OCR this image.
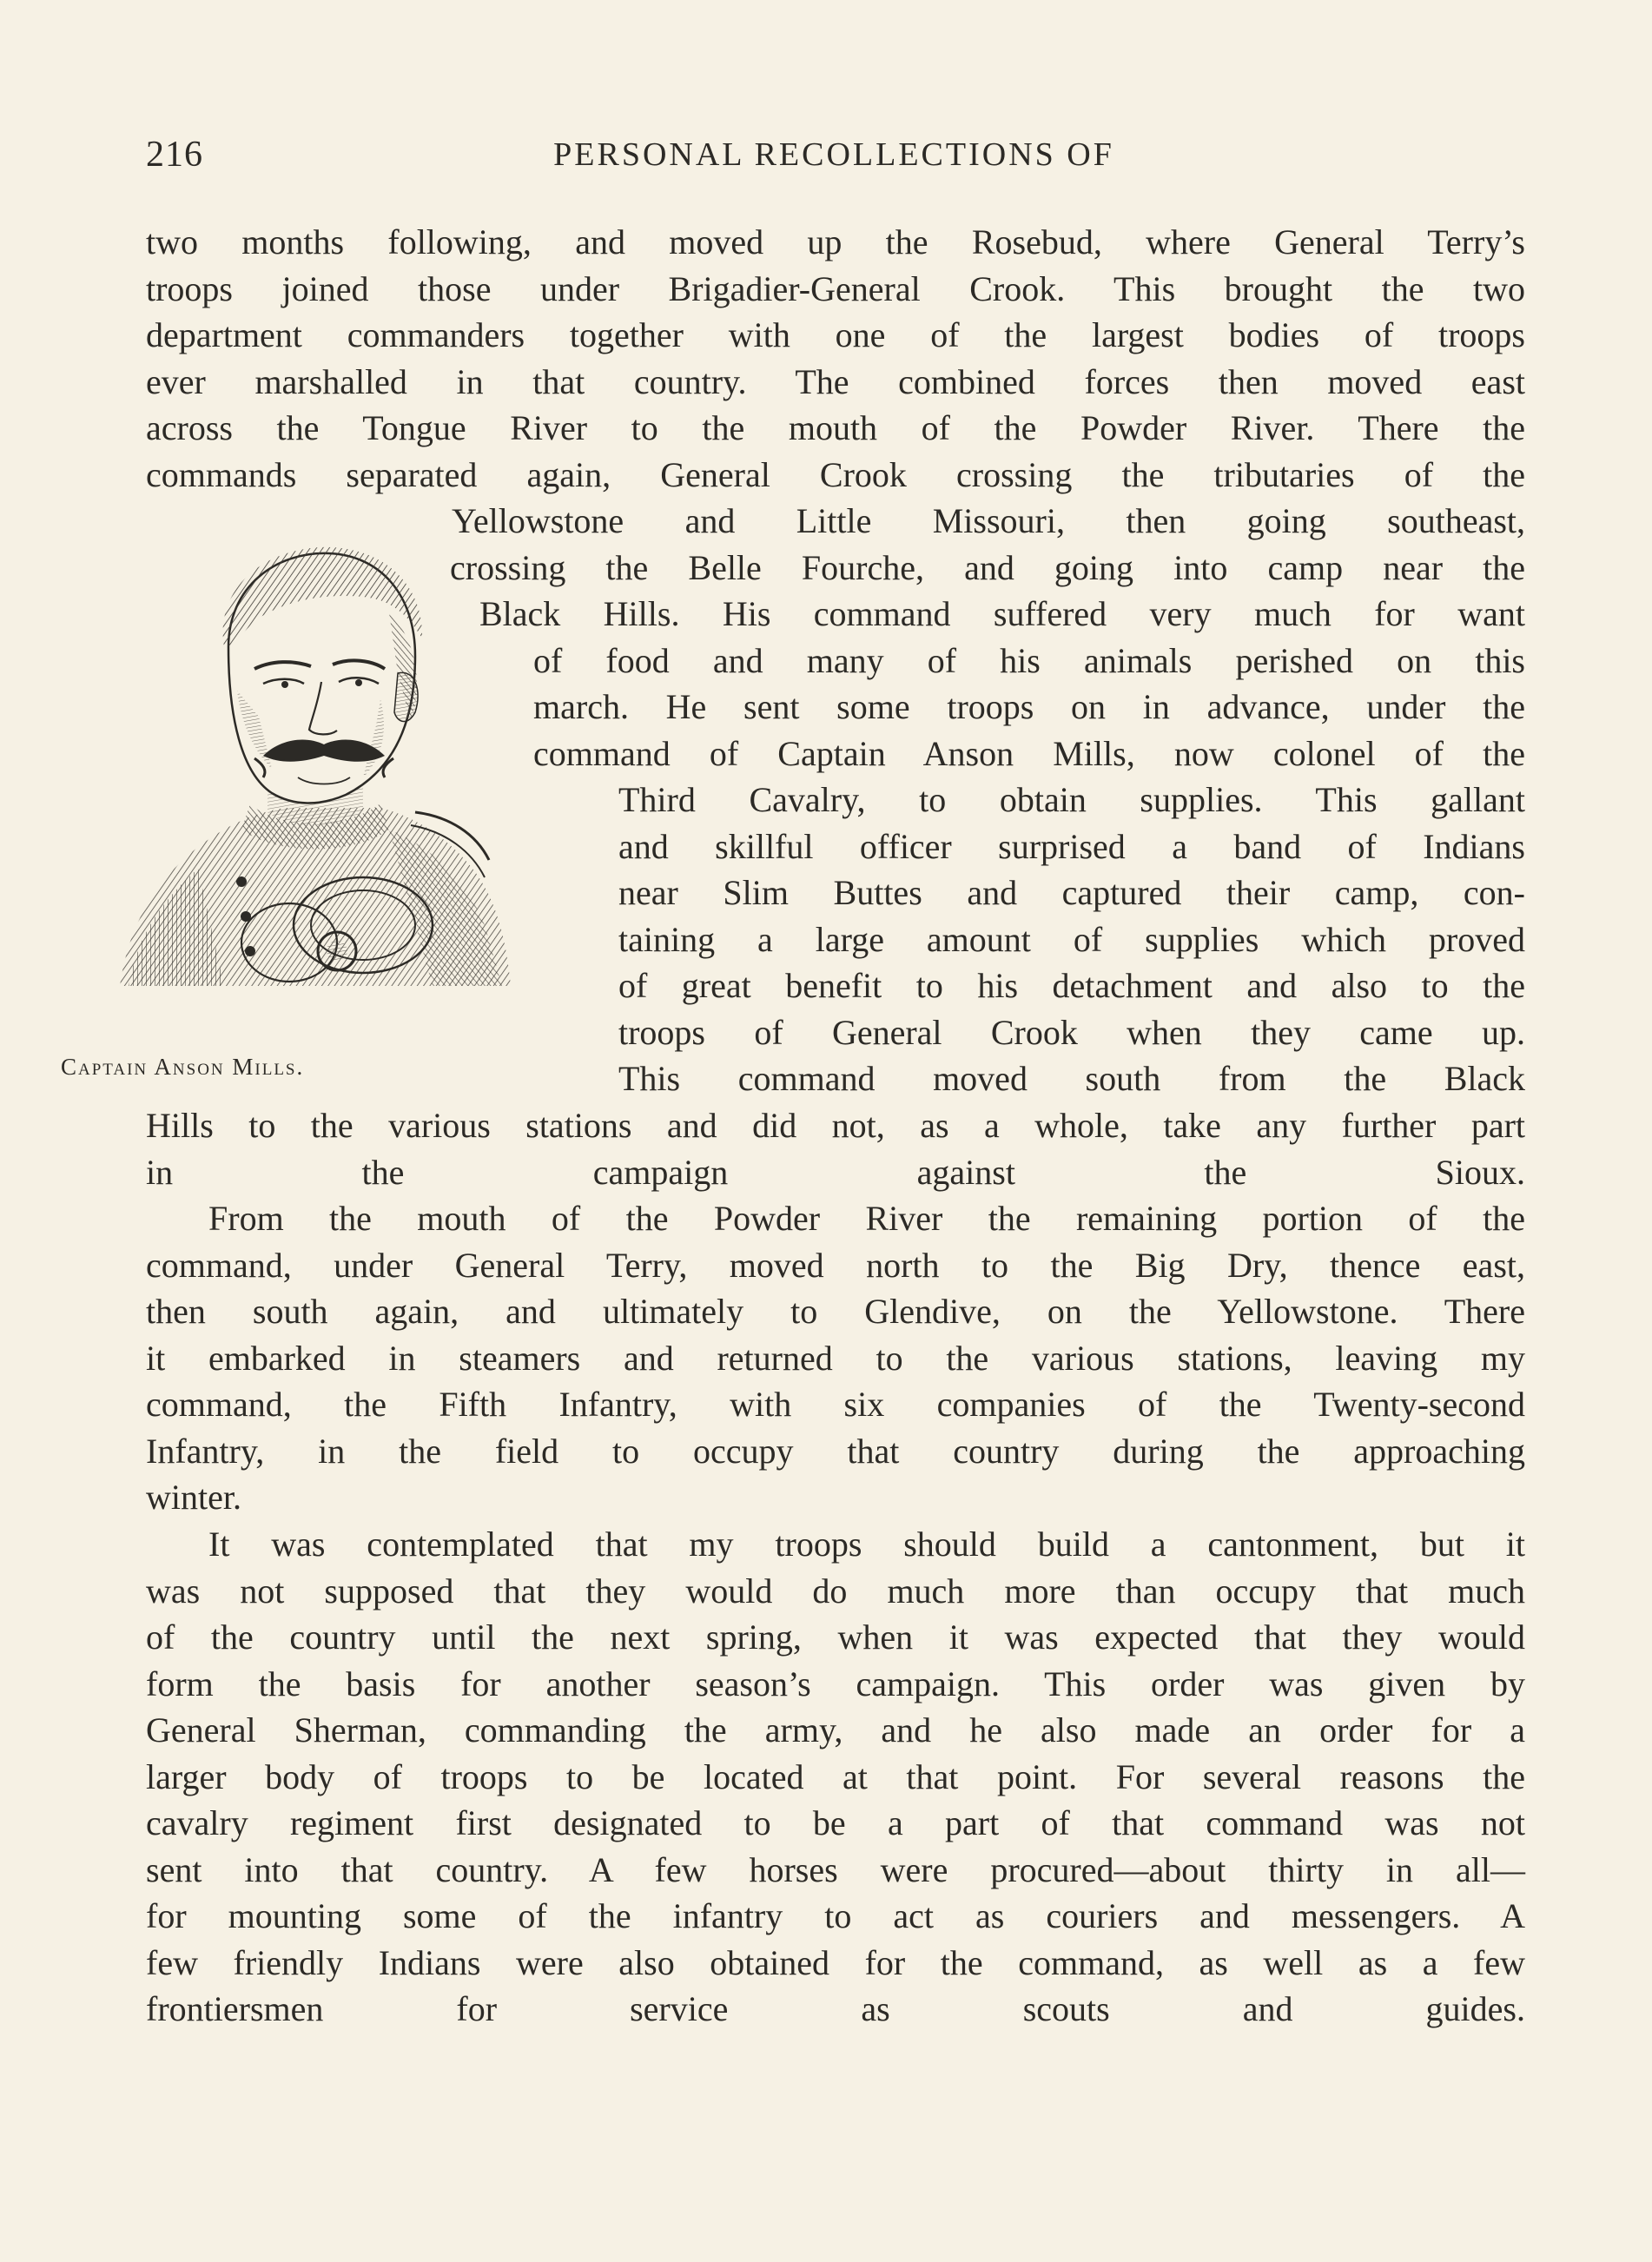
216	PERSONAL RECOLLECTIONS OF
two months following, and moved up the Rosebud, where General Terry’s
troops joined those under Brigadier-General Crook. This brought the two
department commanders together with one of the largest bodies of troops
ever marshalled in that country. The combined forces then moved east
across the Tongue River to the mouth of the Powder River. There the
commands separated again, General Crook crossing the tributaries of the
Yellowstone and Little Missouri, then going southeast,
crossing the Belle Fourche, and going into camp near the
Black Hills. His command suffered very much for want
of food and many of his animals perished on this
march. He sent some troops on in advance, under the
command of Captain Anson Mills, now colonel of the
Third Cavalry, to obtain supplies. This gallant
and skillful officer surprised a band of Indians
near Slim Buttes and captured their camp, con-
taining a large amount of supplies which proved
of great benefit to his detachment and also to the
troops of General Crook when they came up.
This command moved south from the Black
Hills to the various stations and did not, as a whole, take any further part
in the campaign against the Sioux.
From the mouth of the Powder River the remaining portion of the
command, under General Terry, moved north to the Big Dry, thence east,
then south again, and ultimately to Glendive, on the Yellowstone. There
it embarked in steamers and returned to the various stations, leaving my
command, the Fifth Infantry, with six companies of the Twenty-second
Infantry, in the field to occupy that country during the approaching
winter.
It was contemplated that my troops should build a cantonment, but it
was not supposed that they would do much more than occupy that much
of the country until the next spring, when it was expected that they would
form the basis for another season’s campaign. This order was given by
General Sherman, commanding the army, and he also made an order for a
larger body of troops to be located at that point. For several reasons the
cavalry regiment first designated to be a part of that command was not
sent into that country. A few horses were procured—about thirty in all—
for mounting some of the infantry to act as couriers and messengers. A
few friendly Indians were also obtained for the command, as well as a few
frontiersmen for service as scouts and guides.
Captain Anson Mills.
